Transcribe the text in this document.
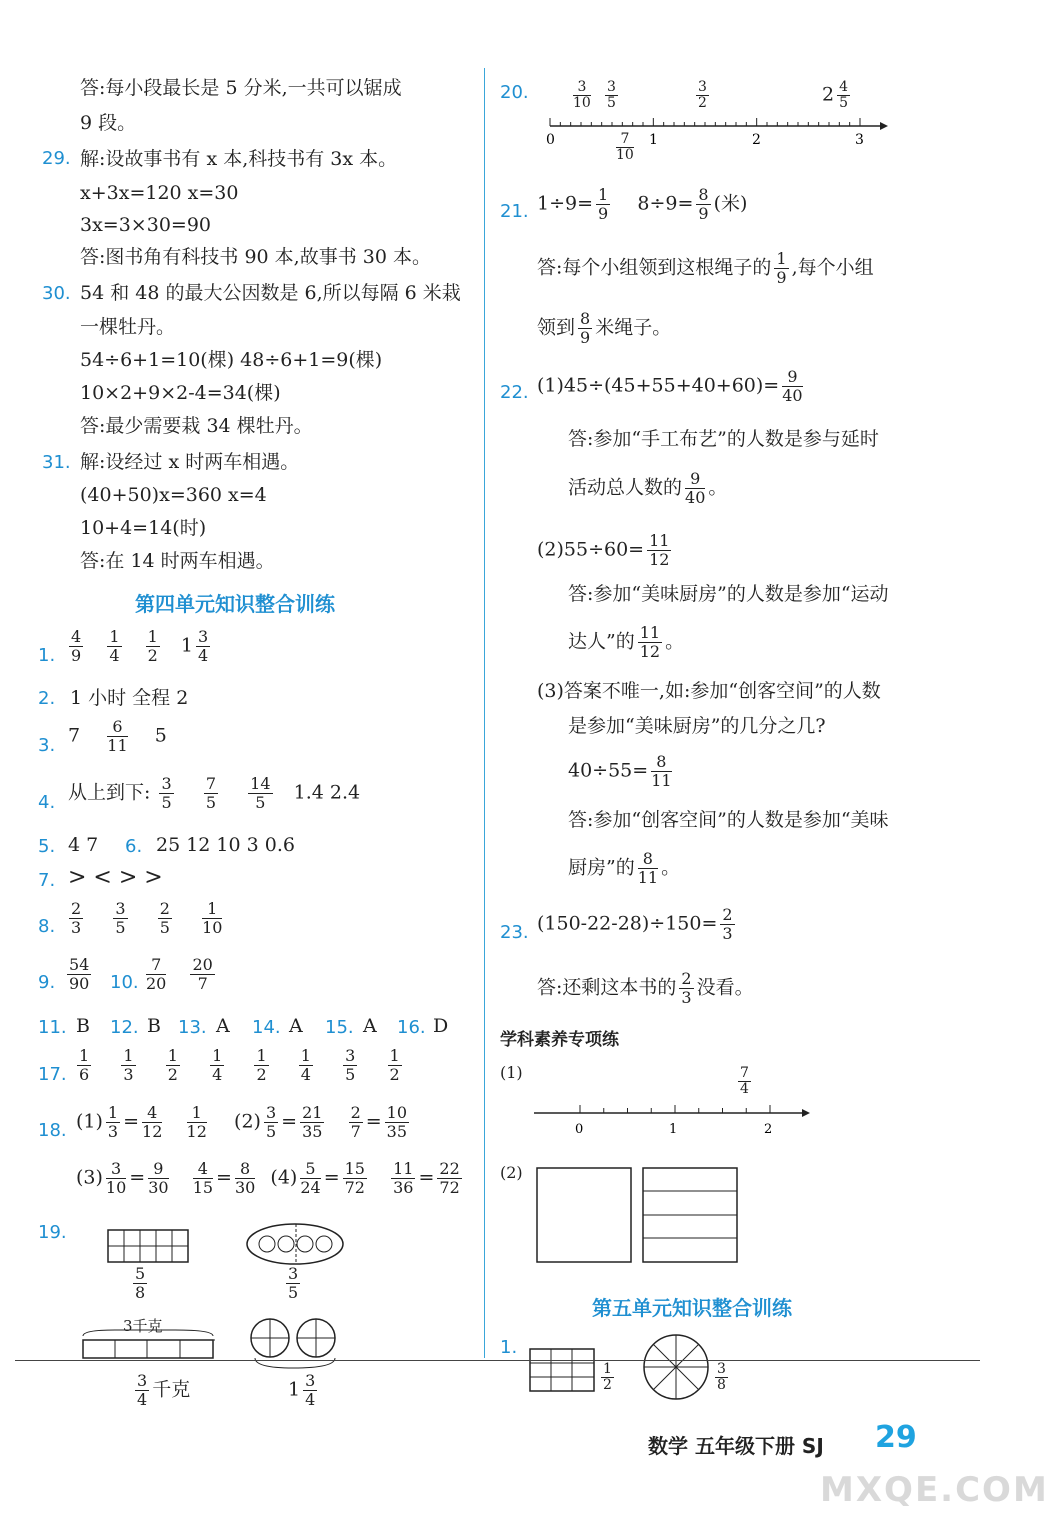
答:每小段最长是 5 分米,一共可以锯成
9 段。
29. 解:设故事书有 x 本,科技书有 3x 本。
x+3x=120 x=30
3x=3×30=90
答:图书角有科技书 90 本,故事书 30 本。
30. 54 和 48 的最大公因数是 6,所以每隔 6 米栽
一棵牡丹。
54÷6+1=10(棵) 48÷6+1=9(棵)
10×2+9×2-4=34(棵)
答:最少需要栽 34 棵牡丹。
31. 解:设经过 x 时两车相遇。
(40+50)x=360 x=4
10+4=14(时)
答:在 14 时两车相遇。
第四单元知识整合训练
1. $\frac{4}{9}$
$\frac{1}{4}$
$\frac{1}{2} 1 \frac{3}{4}$
2. 1 小时 全程 2
3. $7 \frac{6}{11} 5$
4. 从上到下: $\frac{3}{5}$
$\frac{7}{5}$
$\frac{14}{5} 1.4$ 2.4
5. 4 7 6. 25 12 10 3 0.6
7. > < > >
8. $\frac{2}{3}$
$\frac{3}{5}$
$\frac{2}{5}$
$\frac{1}{10}$
9. $\frac{54}{90} 10$. $\frac{7}{20}$
$\frac{20}{7}$
11. B 12. B 13. A 14. A 15. A 16. D
17. $\frac{1}{6}$
$\frac{1}{3}$
$\frac{1}{2}$
$\frac{1}{4}$
$\frac{1}{2}$
$\frac{1}{4}$
$\frac{3}{5}$
$\frac{1}{2}$
18. $(1) \frac{1}{3} = \frac{4}{12}$
$\frac{1}{12} (2) \frac{3}{5} = \frac{21}{35}$
$\frac{2}{7} = \frac{10}{35}$
$(3) \frac{3}{10} = \frac{9}{30}$
$\frac{4}{15} = \frac{8}{30} (4) \frac{5}{24} = \frac{15}{72}$
$\frac{11}{36} = \frac{22}{72}$
19.
$\frac{5}{8}$	$\frac{3}{5}$
3千克
$\frac{3}{4}$ 千克	$1 \frac{3}{4}$
20.
0	1	2	3
$\frac{3}{10} \frac{3}{5}$	$\frac{3}{2}$	$2 \frac{4}{5}$
$\frac{7}{10}$
21. $1\div 9= \frac{1}{9} 8\div 9= \frac{8}{9}$ (米)
答:每个小组领到这根绳子的 $\frac{1}{9}$ ,每个小组
领到 $\frac{8}{9}$ 米绳子。
22. $(1)45\div(45+55+40+60)= \frac{9}{40}$
答:参加“手工布艺”的人数是参与延时
活动总人数的 $\frac{9}{40}$ 。
$(2)55\div 60= \frac{11}{12}$
答:参加“美味厨房”的人数是参加“运动
达人”的 $\frac{11}{12}$ 。
(3)答案不唯一,如:参加“创客空间”的人数
是参加“美味厨房”的几分之几?
$40\div 55= \frac{8}{11}$
答:参加“创客空间”的人数是参加“美味
厨房”的 $\frac{8}{11}$ 。
23. $(150-22-28)\div 150= \frac{2}{3}$
答:还剩这本书的 $\frac{2}{3}$ 没看。
学科素养专项练
(1)
0	1	2
$\frac{7}{4}$
(2)
第五单元知识整合训练
1.
$\frac{1}{2}$	$\frac{3}{8}$
数学 五年级下册 SJ 29
MXQE.COM
